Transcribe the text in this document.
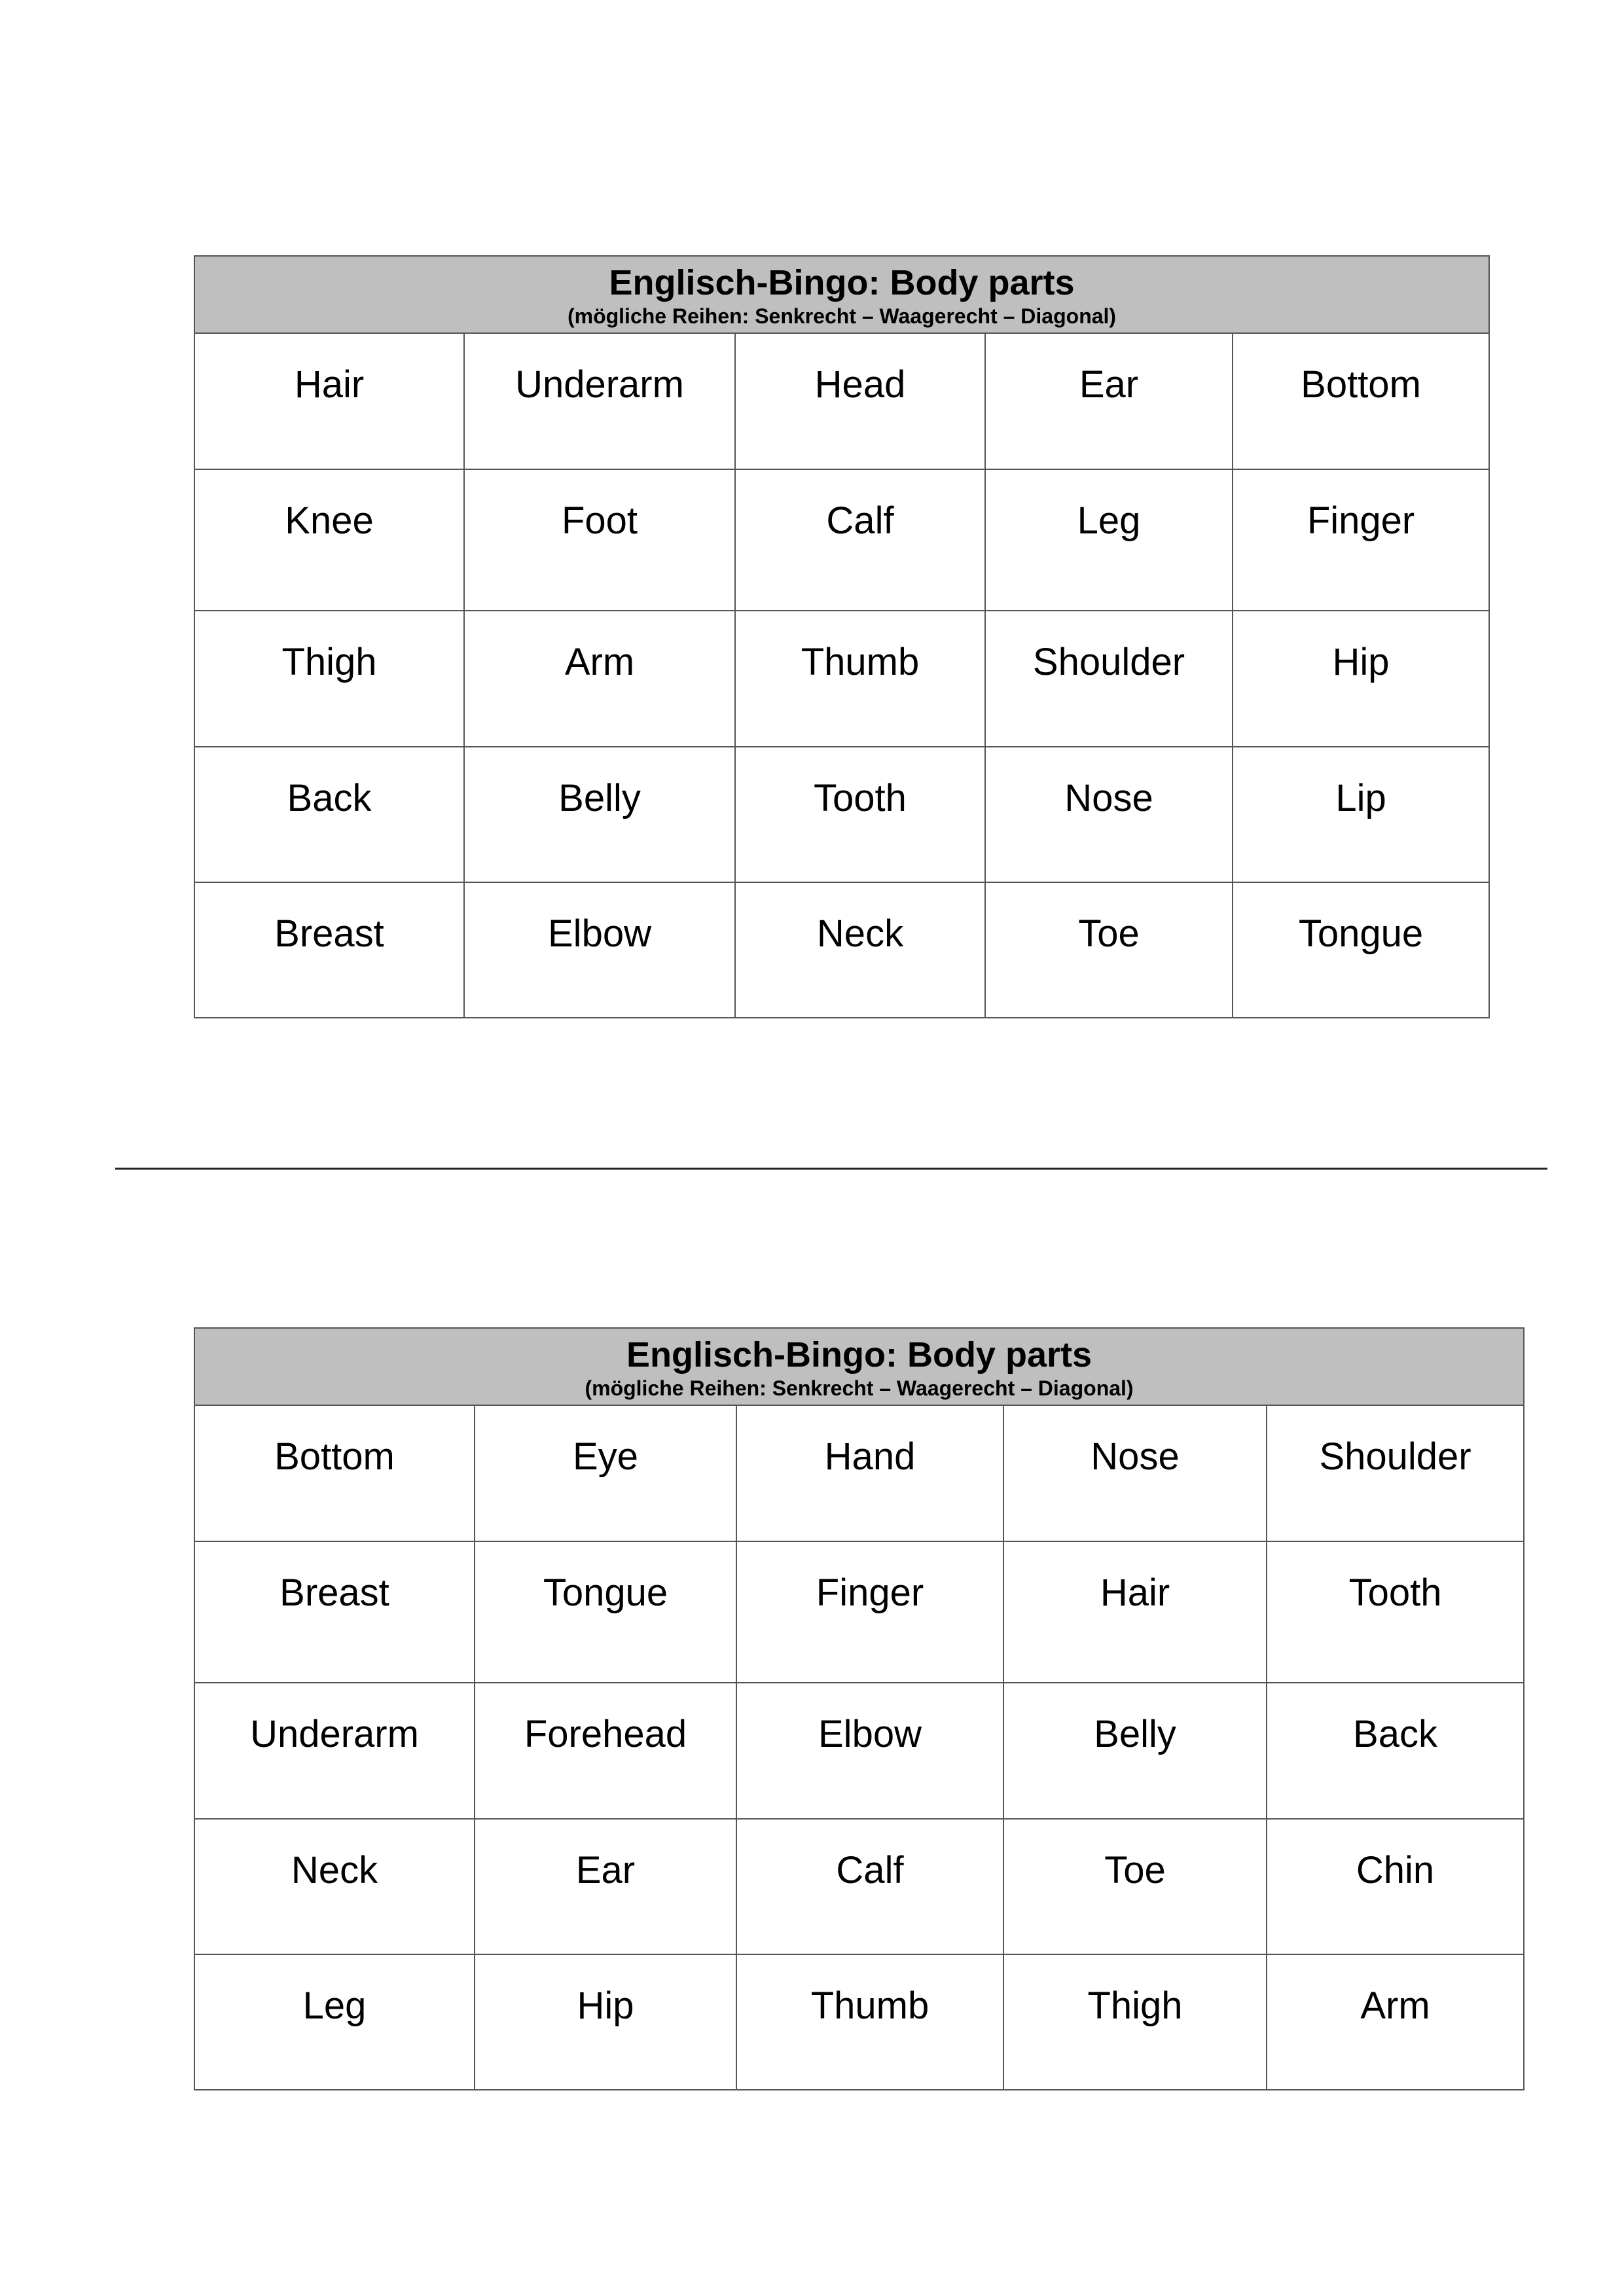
Englisch-Bingo: Body parts
(mögliche Reihen: Senkrecht – Waagerecht – Diagonal)				

Hair	Underarm	Head	Ear	Bottom
Knee	Foot	Calf	Leg	Finger
Thigh	Arm	Thumb	Shoulder	Hip
Back	Belly	Tooth	Nose	Lip
Breast	Elbow	Neck	Toe	Tongue
Englisch-Bingo: Body parts
(mögliche Reihen: Senkrecht – Waagerecht – Diagonal)				

Bottom	Eye	Hand	Nose	Shoulder
Breast	Tongue	Finger	Hair	Tooth
Underarm	Forehead	Elbow	Belly	Back
Neck	Ear	Calf	Toe	Chin
Leg	Hip	Thumb	Thigh	Arm
